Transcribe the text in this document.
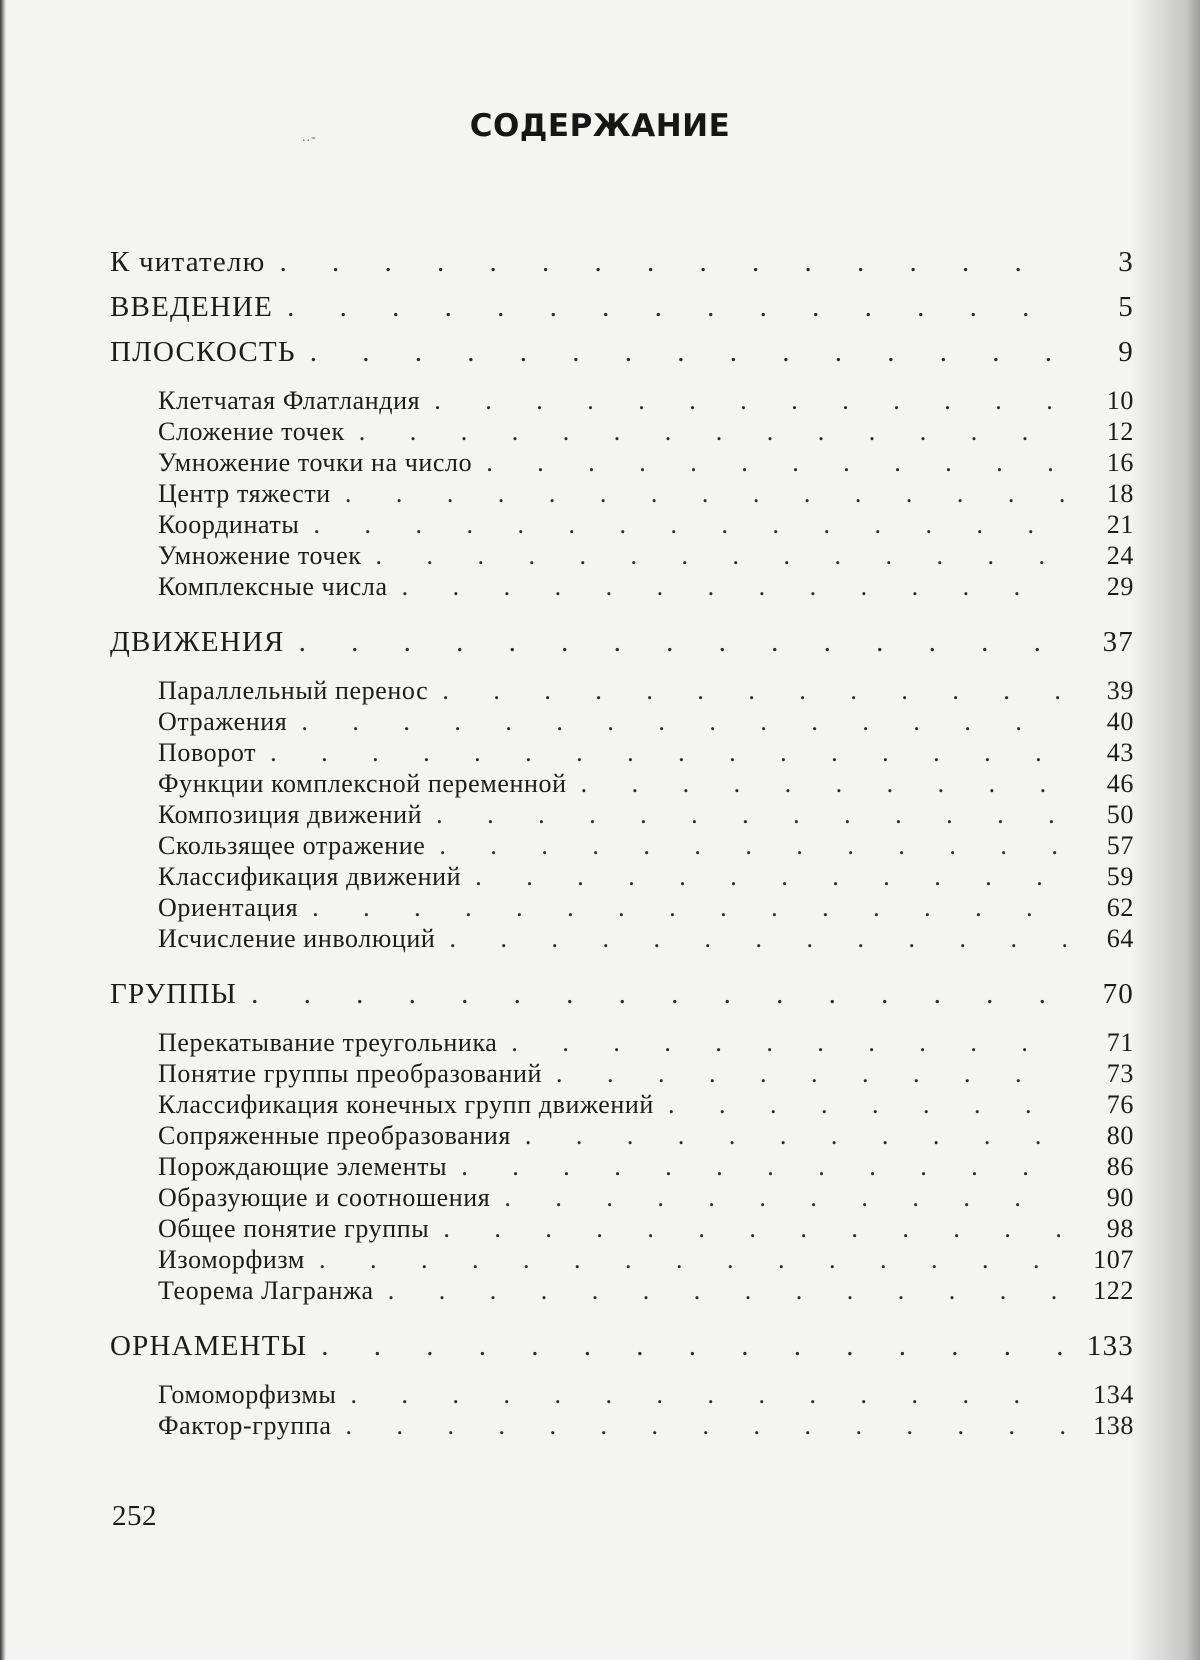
..-	СОДЕРЖАНИЕ
К читателю
. . .	3
ВВЕДЕНИЕ
. . .	5
ПЛОСКОСТЬ
. . .	9
Клетчатая Флатландия
. . .	10
Сложение точек
. . .	12
Умножение точки на число
. . .	16
Центр тяжести
. . .	18
Координаты
. . .	21
Умножение точек
. . .	24
Комплексные числа
. . .	29
ДВИЖЕНИЯ
. . .	37
Параллельный перенос
. . .	39
Отражения
. . .	40
Поворот
. . .	43
Функции комплексной переменной
. . .	46
Композиция движений
. . .	50
Скользящее отражение
. . .	57
Классификация движений
. . .	59
Ориентация
. . .	62
Исчисление инволюций
. . .	64
ГРУППЫ
. . .	70
Перекатывание треугольника
. . .	71
Понятие группы преобразований
. . .	73
Классификация конечных групп движений
. . .	76
Сопряженные преобразования
. . .	80
Порождающие элементы
. . .	86
Образующие и соотношения
. . .	90
Общее понятие группы
. . .	98
Изоморфизм
. . .	107
Теорема Лагранжа
. . .	122
ОРНАМЕНТЫ
. . .	133
Гомоморфизмы
. . .	134
Фактор-группа
. . .	138
252
